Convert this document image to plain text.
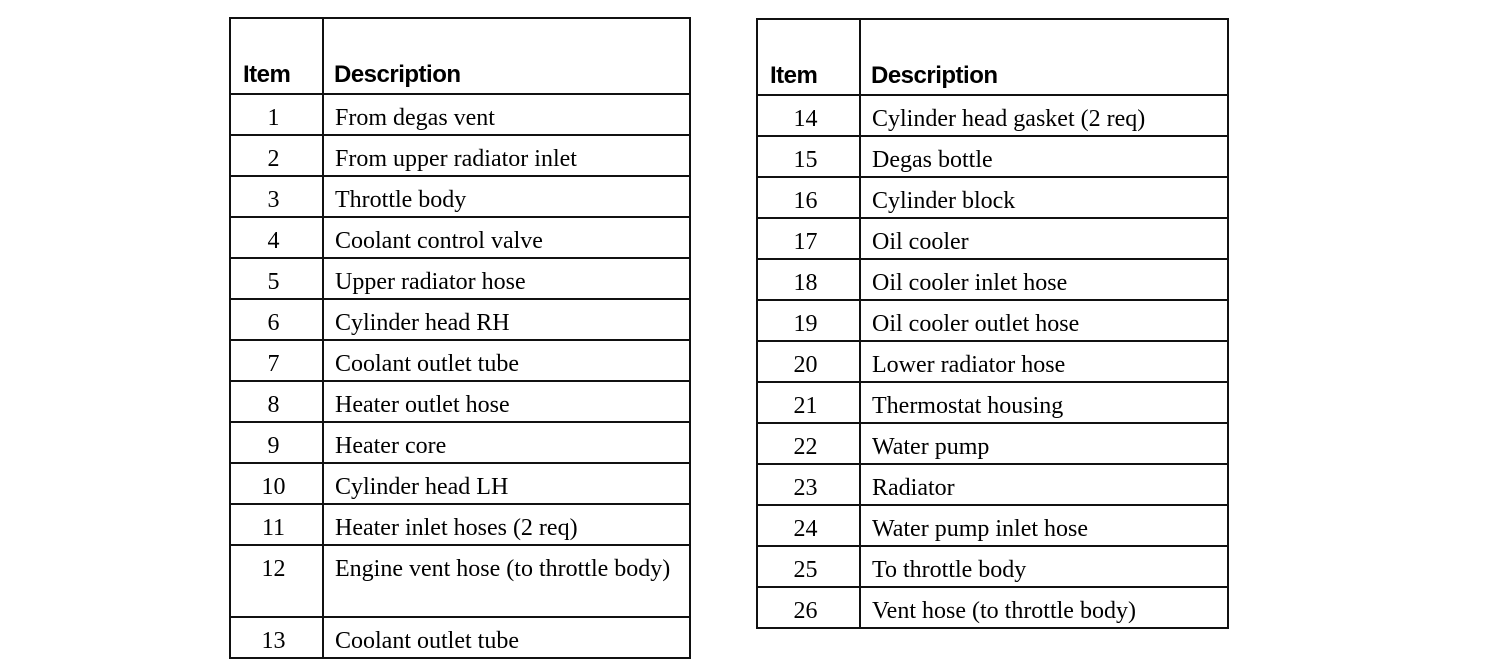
Item	Description
1	From degas vent
2	From upper radiator inlet
3	Throttle body
4	Coolant control valve
5	Upper radiator hose
6	Cylinder head RH
7	Coolant outlet tube
8	Heater outlet hose
9	Heater core
10	Cylinder head LH
11	Heater inlet hoses (2 req)
12	Engine vent hose (to throttle body)
13	Coolant outlet tube
Item	Description
14	Cylinder head gasket (2 req)
15	Degas bottle
16	Cylinder block
17	Oil cooler
18	Oil cooler inlet hose
19	Oil cooler outlet hose
20	Lower radiator hose
21	Thermostat housing
22	Water pump
23	Radiator
24	Water pump inlet hose
25	To throttle body
26	Vent hose (to throttle body)
